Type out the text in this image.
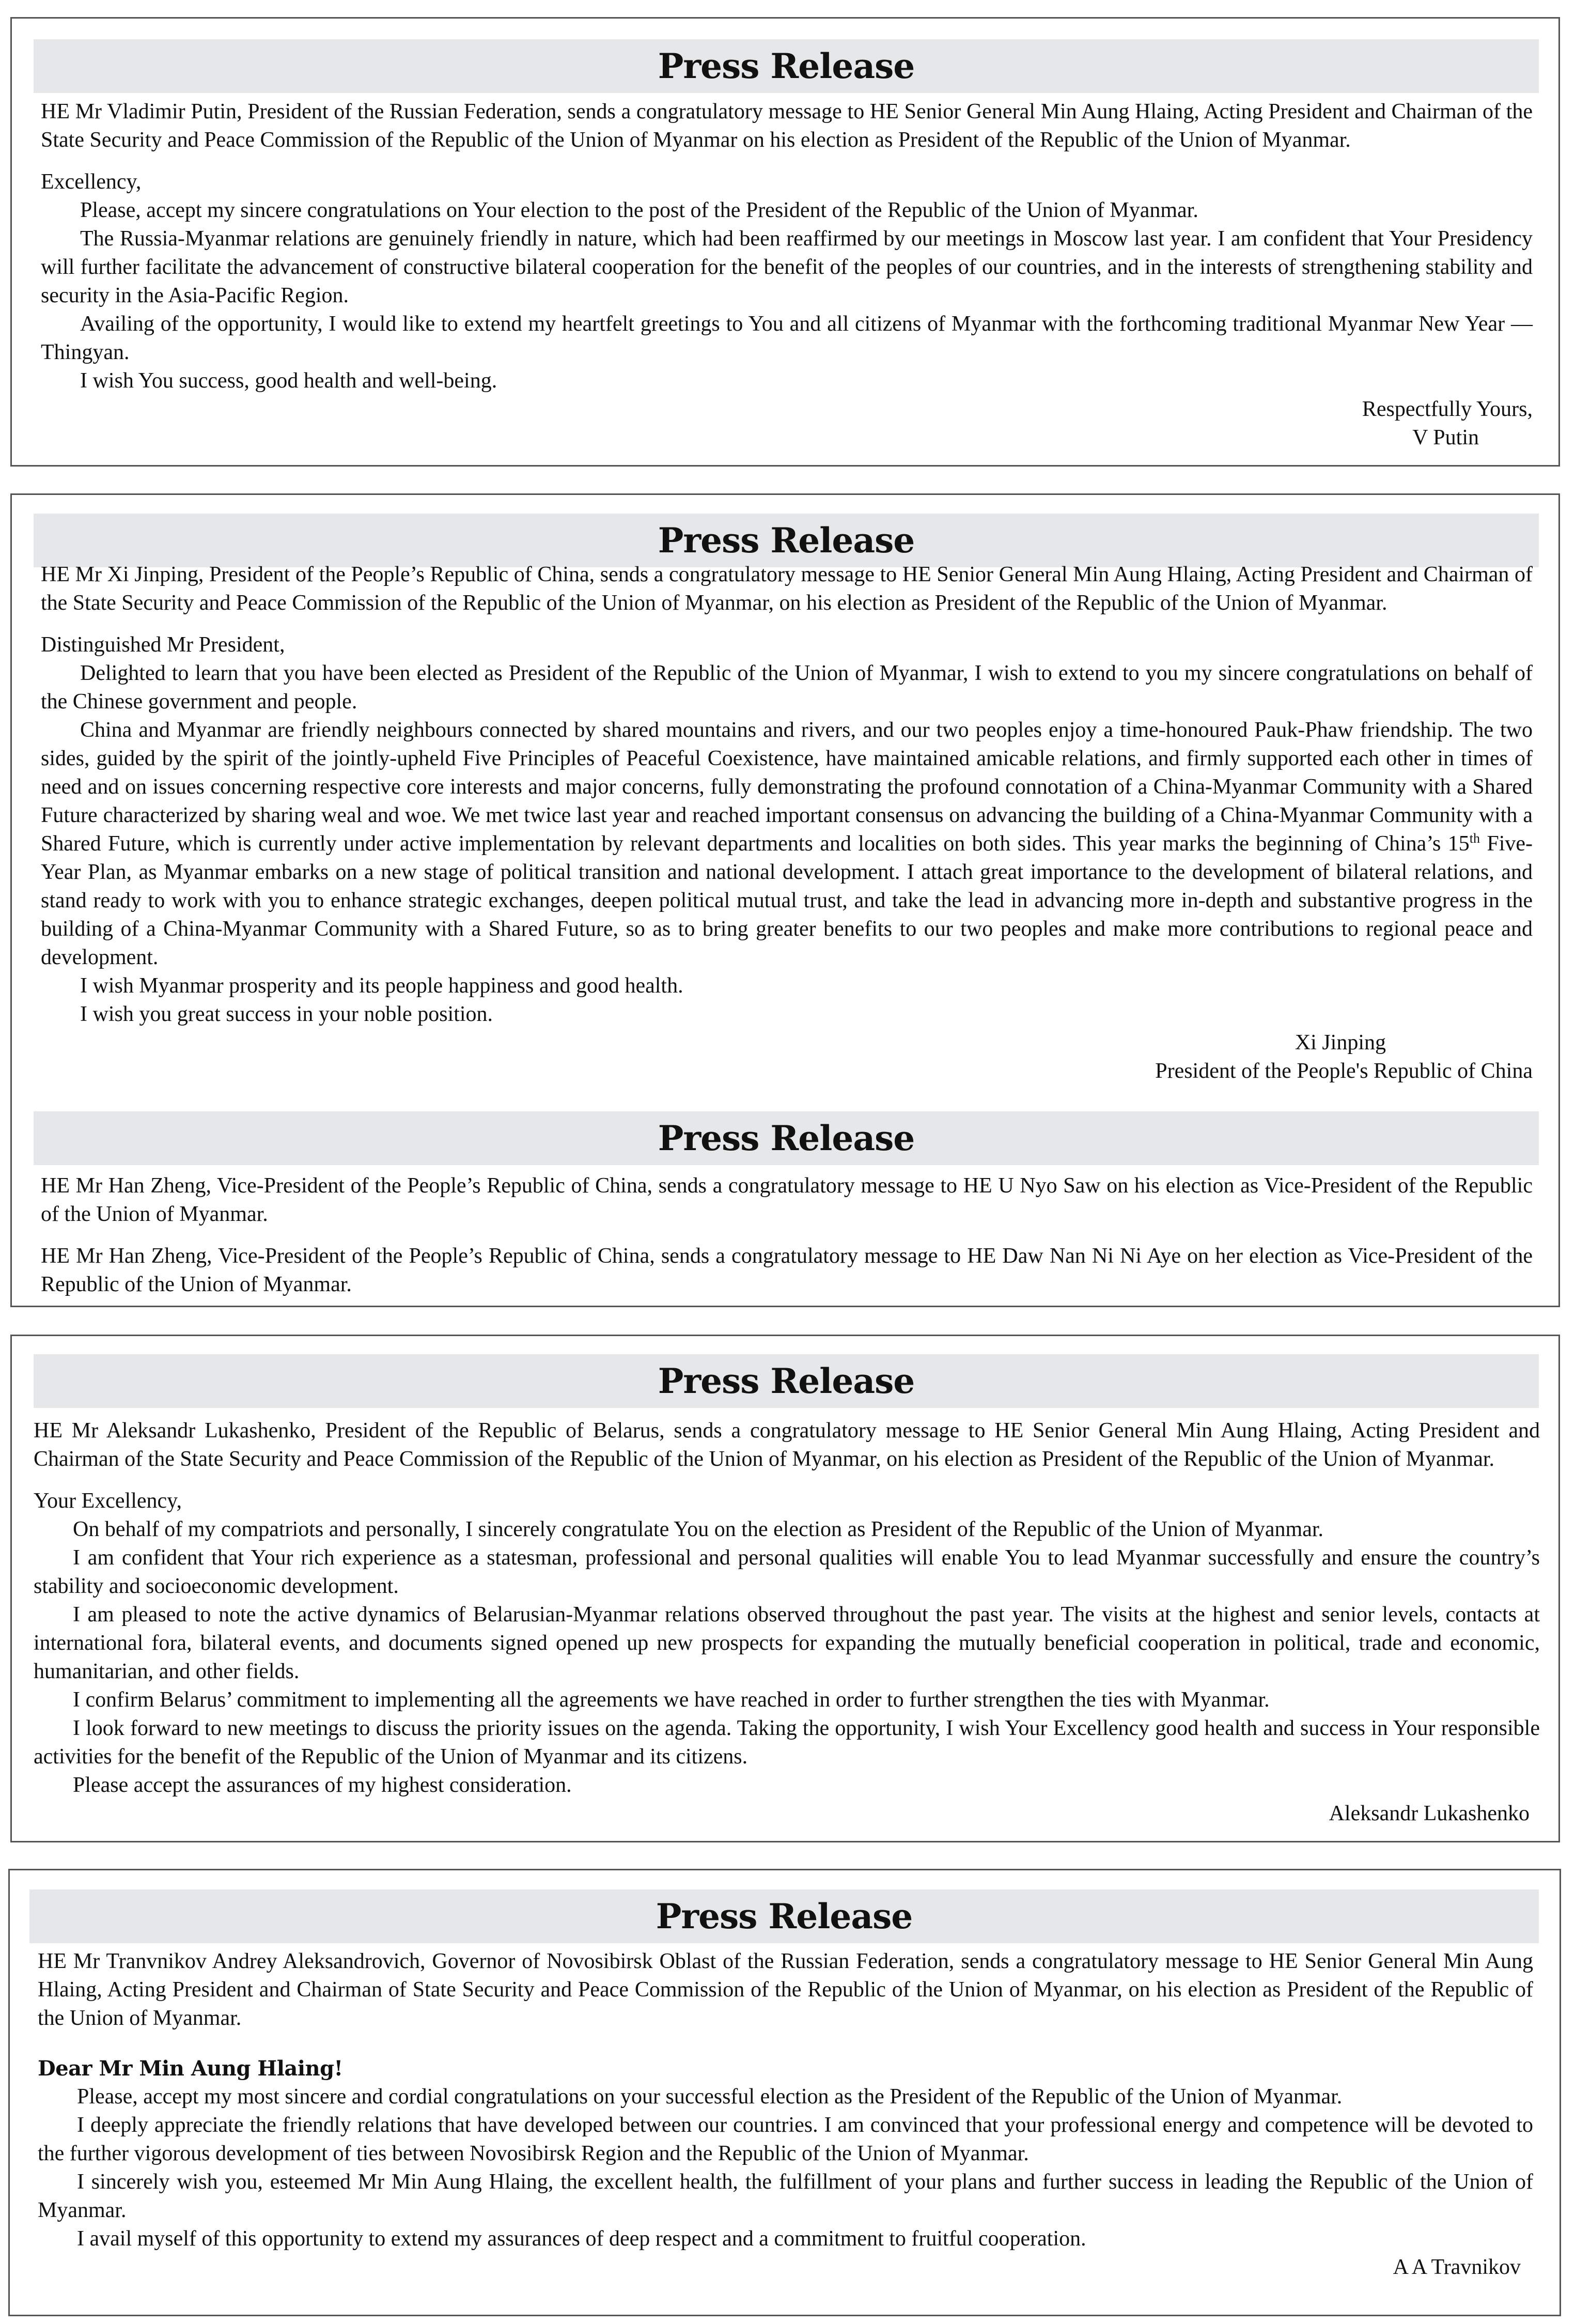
Press Release

HE Mr Vladimir Putin, President of the Russian Federation, sends a congratulatory message to HE Senior General Min Aung Hlaing, Acting President and Chairman of the State Security and Peace Commission of the Republic of the Union of Myanmar on his election as President of the Republic of the Union of Myanmar.

Excellency,

Please, accept my sincere congratulations on Your election to the post of the President of the Republic of the Union of Myanmar.

The Russia-Myanmar relations are genuinely friendly in nature, which had been reaffirmed by our meetings in Moscow last year. I am confident that Your Presidency will further facilitate the advancement of constructive bilateral cooperation for the benefit of the peoples of our countries, and in the interests of strengthening stability and security in the Asia-Pacific Region.

Availing of the opportunity, I would like to extend my heartfelt greetings to You and all citizens of Myanmar with the forthcoming traditional Myanmar New Year — Thingyan.

I wish You success, good health and well-being.

Respectfully Yours,

V Putin

Press Release

HE Mr Xi Jinping, President of the People’s Republic of China, sends a congratulatory message to HE Senior General Min Aung Hlaing, Acting President and Chairman of the State Security and Peace Commission of the Republic of the Union of Myanmar, on his election as President of the Republic of the Union of Myanmar.

Distinguished Mr President,

Delighted to learn that you have been elected as President of the Republic of the Union of Myanmar, I wish to extend to you my sincere congratulations on behalf of the Chinese government and people.

China and Myanmar are friendly neighbours connected by shared mountains and rivers, and our two peoples enjoy a time-honoured Pauk-Phaw friendship. The two sides, guided by the spirit of the jointly-upheld Five Principles of Peaceful Coexistence, have maintained amicable relations, and firmly supported each other in times of need and on issues concerning respective core interests and major concerns, fully demonstrating the profound connotation of a China-Myanmar Community with a Shared Future characterized by sharing weal and woe. We met twice last year and reached important consensus on advancing the building of a China-Myanmar Community with a Shared Future, which is currently under active implementation by relevant departments and localities on both sides. This year marks the beginning of China’s 15th Five-Year Plan, as Myanmar embarks on a new stage of political transition and national development. I attach great importance to the development of bilateral relations, and stand ready to work with you to enhance strategic exchanges, deepen political mutual trust, and take the lead in advancing more in-depth and substantive progress in the building of a China-Myanmar Community with a Shared Future, so as to bring greater benefits to our two peoples and make more contributions to regional peace and development.

I wish Myanmar prosperity and its people happiness and good health.

I wish you great success in your noble position.

Xi Jinping

President of the People's Republic of China

Press Release

HE Mr Han Zheng, Vice-President of the People’s Republic of China, sends a congratulatory message to HE U Nyo Saw on his election as Vice-President of the Republic of the Union of Myanmar.

HE Mr Han Zheng, Vice-President of the People’s Republic of China, sends a congratulatory message to HE Daw Nan Ni Ni Aye on her election as Vice-President of the Republic of the Union of Myanmar.

Press Release

HE Mr Aleksandr Lukashenko, President of the Republic of Belarus, sends a congratulatory message to HE Senior General Min Aung Hlaing, Acting President and Chairman of the State Security and Peace Commission of the Republic of the Union of Myanmar, on his election as President of the Republic of the Union of Myanmar.

Your Excellency,

On behalf of my compatriots and personally, I sincerely congratulate You on the election as President of the Republic of the Union of Myanmar.

I am confident that Your rich experience as a statesman, professional and personal qualities will enable You to lead Myanmar successfully and ensure the country’s stability and socioeconomic development.

I am pleased to note the active dynamics of Belarusian-Myanmar relations observed throughout the past year. The visits at the highest and senior levels, contacts at international fora, bilateral events, and documents signed opened up new prospects for expanding the mutually beneficial cooperation in political, trade and economic, humanitarian, and other fields.

I confirm Belarus’ commitment to implementing all the agreements we have reached in order to further strengthen the ties with Myanmar.

I look forward to new meetings to discuss the priority issues on the agenda. Taking the opportunity, I wish Your Excellency good health and success in Your responsible activities for the benefit of the Republic of the Union of Myanmar and its citizens.

Please accept the assurances of my highest consideration.

Aleksandr Lukashenko

Press Release

HE Mr Tranvnikov Andrey Aleksandrovich, Governor of Novosibirsk Oblast of the Russian Federation, sends a congratulatory message to HE Senior General Min Aung Hlaing, Acting President and Chairman of State Security and Peace Commission of the Republic of the Union of Myanmar, on his election as President of the Republic of the Union of Myanmar.

Dear Mr Min Aung Hlaing!

Please, accept my most sincere and cordial congratulations on your successful election as the President of the Republic of the Union of Myanmar.

I deeply appreciate the friendly relations that have developed between our countries. I am convinced that your professional energy and competence will be devoted to the further vigorous development of ties between Novosibirsk Region and the Republic of the Union of Myanmar.

I sincerely wish you, esteemed Mr Min Aung Hlaing, the excellent health, the fulfillment of your plans and further success in leading the Republic of the Union of Myanmar.

I avail myself of this opportunity to extend my assurances of deep respect and a commitment to fruitful cooperation.

A A Travnikov
